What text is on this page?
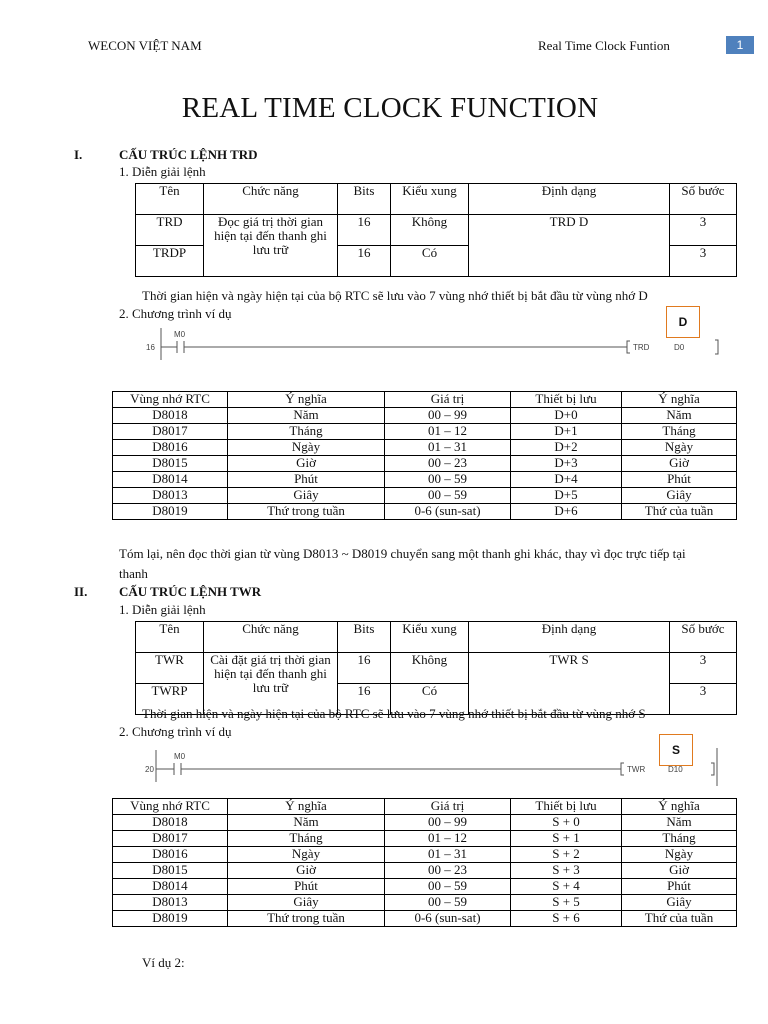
WECON VIỆT NAM	Real Time Clock Funtion	1
REAL TIME CLOCK FUNCTION
I.	CẤU TRÚC LỆNH TRD
1. Diễn giải lệnh
Tên	Chức năng	Bits	Kiểu xung	Định dạng	Số bước
TRD	Đọc giá trị thời gian hiện tại đến thanh ghi lưu trữ	16	Không	TRD D	3
TRDP		16	Có		3
Thời gian hiện và ngày hiện tại của bộ RTC sẽ lưu vào 7 vùng nhớ thiết bị bắt đầu từ vùng nhớ D
2. Chương trình ví dụ
D
16
M0
TRD	D0
Vùng nhớ RTC	Ý nghĩa	Giá trị	Thiết bị lưu	Ý nghĩa
D8018	Năm	00 – 99	D+0	Năm
D8017	Tháng	01 – 12	D+1	Tháng
D8016	Ngày	01 – 31	D+2	Ngày
D8015	Giờ	00 – 23	D+3	Giờ
D8014	Phút	00 – 59	D+4	Phút
D8013	Giây	00 – 59	D+5	Giây
D8019	Thứ trong tuần	0-6 (sun-sat)	D+6	Thứ của tuần
Tóm lại, nên đọc thời gian từ vùng D8013 ~ D8019 chuyển sang một thanh ghi khác, thay vì đọc trực tiếp tại
thanh
II. CẤU TRÚC LỆNH TWR
1. Diễn giải lệnh
Tên	Chức năng	Bits	Kiểu xung	Định dạng	Số bước
TWR	Cài đặt giá trị thời gian hiện tại đến thanh ghi lưu trữ	16	Không	TWR S	3
TWRP		16	Có		3
Thời gian hiện và ngày hiện tại của bộ RTC sẽ lưu vào 7 vùng nhớ thiết bị bắt đầu từ vùng nhớ S
2. Chương trình ví dụ
S
20
M0
TWR	D10
Vùng nhớ RTC	Ý nghĩa	Giá trị	Thiết bị lưu	Ý nghĩa
D8018	Năm	00 – 99	S + 0	Năm
D8017	Tháng	01 – 12	S + 1	Tháng
D8016	Ngày	01 – 31	S + 2	Ngày
D8015	Giờ	00 – 23	S + 3	Giờ
D8014	Phút	00 – 59	S + 4	Phút
D8013	Giây	00 – 59	S + 5	Giây
D8019	Thứ trong tuần	0-6 (sun-sat)	S + 6	Thứ của tuần
Ví dụ 2:
